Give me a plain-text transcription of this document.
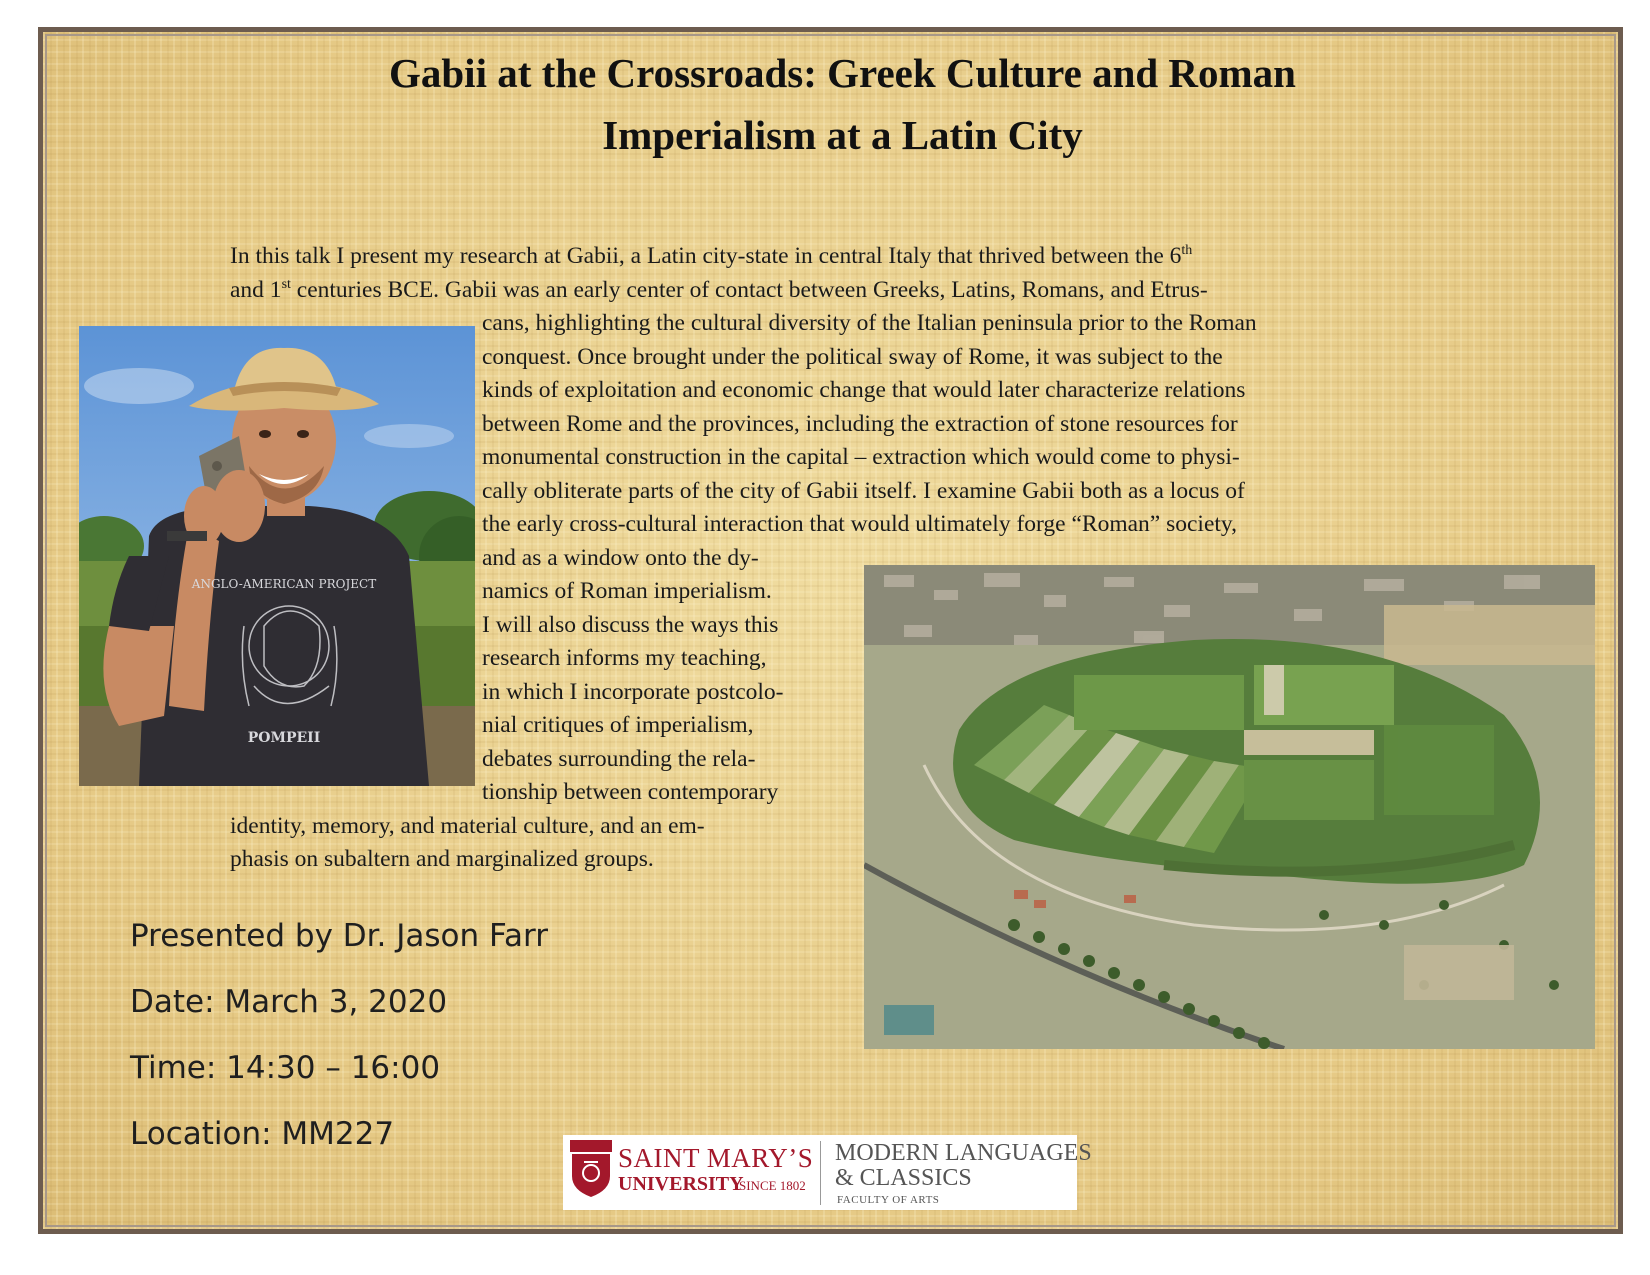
Gabii at the Crossroads: Greek Culture and Roman
Imperialism at a Latin City
In this talk I present my research at Gabii, a Latin city-state in central Italy that thrived between the 6th
and 1st centuries BCE. Gabii was an early center of contact between Greeks, Latins, Romans, and Etrus-
cans, highlighting the cultural diversity of the Italian peninsula prior to the Roman
conquest. Once brought under the political sway of Rome, it was subject to the
kinds of exploitation and economic change that would later characterize relations
between Rome and the provinces, including the extraction of stone resources for
monumental construction in the capital – extraction which would come to physi-
cally obliterate parts of the city of Gabii itself. I examine Gabii both as a locus of
the early cross-cultural interaction that would ultimately forge “Roman” society,
and as a window onto the dy-
namics of Roman imperialism.
I will also discuss the ways this
research informs my teaching,
in which I incorporate postcolo-
nial critiques of imperialism,
debates surrounding the rela-
tionship between contemporary
identity, memory, and material culture, and an em-
phasis on subaltern and marginalized groups.
ANGLO-AMERICAN PROJECT
POMPEII
Presented by Dr. Jason Farr
Date: March 3, 2020
Time: 14:30 – 16:00
Location: MM227
SAINT MARY’S
UNIVERSITY
SINCE 1802
MODERN LANGUAGES
& CLASSICS
FACULTY OF ARTS
